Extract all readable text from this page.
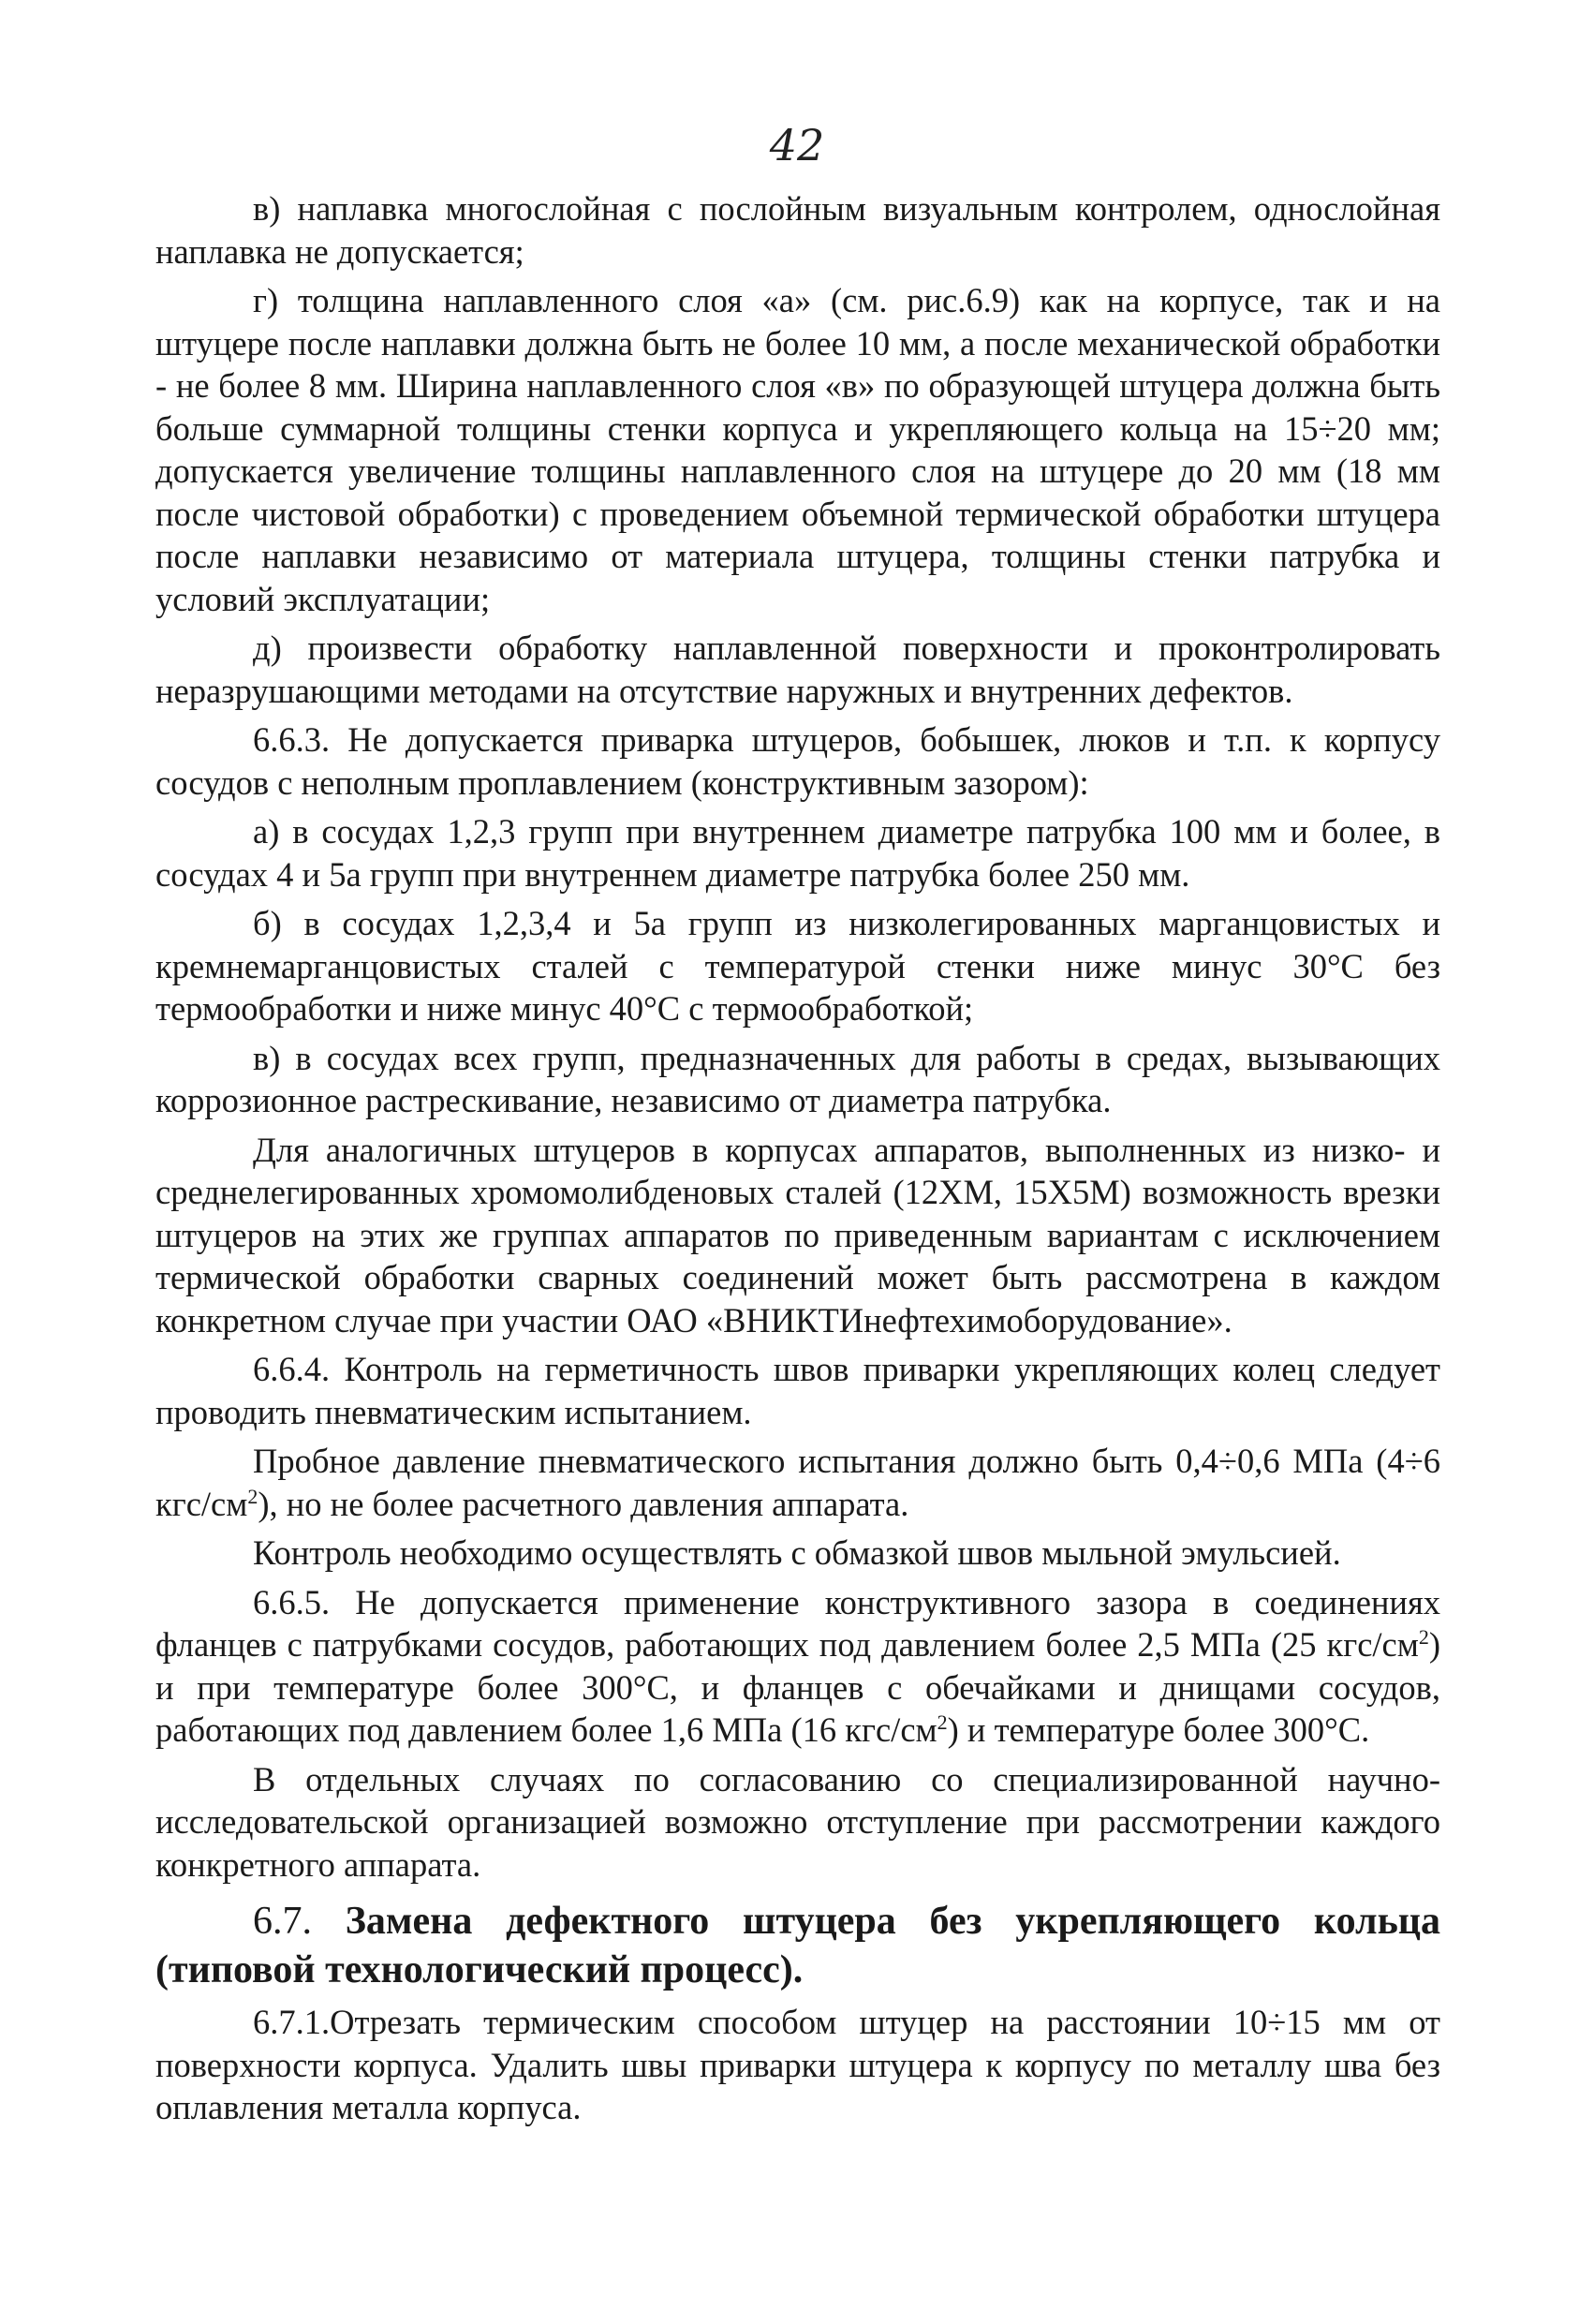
42

в) наплавка многослойная с послойным визуальным контролем, однослойная наплавка не допускается;

г) толщина наплавленного слоя «а» (см. рис.6.9) как на корпусе, так и на штуцере после наплавки должна быть не более 10 мм, а после механической обработки - не более 8 мм. Ширина наплавленного слоя «в» по образующей штуцера должна быть больше суммарной толщины стенки корпуса и укрепляющего кольца на 15÷20 мм; допускается увеличение толщины наплавленного слоя на штуцере до 20 мм (18 мм после чистовой обработки) с проведением объемной термической обработки штуцера после наплавки независимо от материала штуцера, толщины стенки патрубка и условий эксплуатации;

д) произвести обработку наплавленной поверхности и проконтролировать неразрушающими методами на отсутствие наружных и внутренних дефектов.

6.6.3. Не допускается приварка штуцеров, бобышек, люков и т.п. к корпусу сосудов с неполным проплавлением (конструктивным зазором):

а) в сосудах 1,2,3 групп при внутреннем диаметре патрубка 100 мм и более, в сосудах 4 и 5а групп при внутреннем диаметре патрубка более 250 мм.

б) в сосудах 1,2,3,4 и 5а групп из низколегированных марганцовистых и кремнемарганцовистых сталей с температурой стенки ниже минус 30°С без термообработки и ниже минус 40°С с термообработкой;

в) в сосудах всех групп, предназначенных для работы в средах, вызывающих коррозионное растрескивание, независимо от диаметра патрубка.

Для аналогичных штуцеров в корпусах аппаратов, выполненных из низко- и среднелегированных хромомолибденовых сталей (12ХМ, 15Х5М) возможность врезки штуцеров на этих же группах аппаратов по приведенным вариантам с исключением термической обработки сварных соединений может быть рассмотрена в каждом конкретном случае при участии ОАО «ВНИКТИнефтехимоборудование».

6.6.4. Контроль на герметичность швов приварки укрепляющих колец следует проводить пневматическим испытанием.

Пробное давление пневматического испытания должно быть 0,4÷0,6 МПа (4÷6 кгс/$см^2$), но не более расчетного давления аппарата.

Контроль необходимо осуществлять с обмазкой швов мыльной эмульсией.

6.6.5. Не допускается применение конструктивного зазора в соединениях фланцев с патрубками сосудов, работающих под давлением более 2,5 МПа (25 кгс/$см^2$) и при температуре более 300°С, и фланцев с обечайками и днищами сосудов, работающих под давлением более 1,6 МПа (16 кгс/$см^2$) и температуре более 300°С.

В отдельных случаях по согласованию со специализированной научно-исследовательской организацией возможно отступление при рассмотрении каждого конкретного аппарата.

6.7. Замена дефектного штуцера без укрепляющего кольца (типовой технологический процесс).

6.7.1.Отрезать термическим способом штуцер на расстоянии 10÷15 мм от поверхности корпуса. Удалить швы приварки штуцера к корпусу по металлу шва без оплавления металла корпуса.
